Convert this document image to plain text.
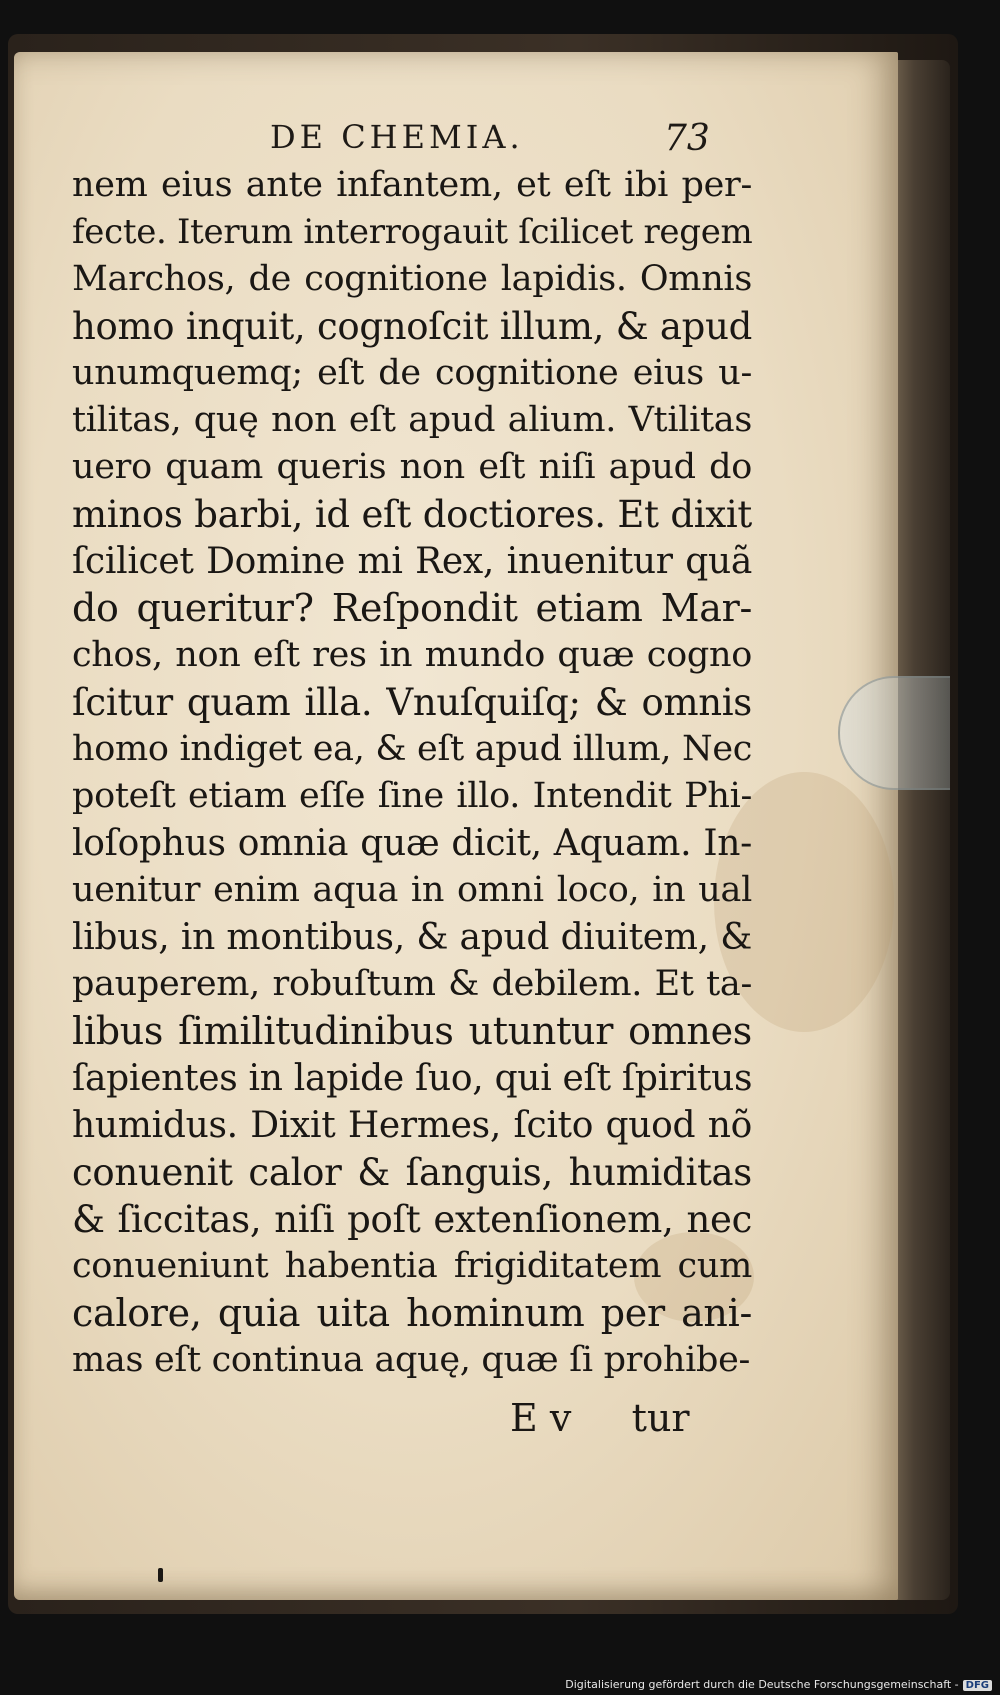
DE CHEMIA.	73
nem eius ante infantem, et eſt ibi per-
fecte. Iterum interrogauit ſcilicet regem
Marchos, de cognitione lapidis. Omnis
homo inquit, cognoſcit illum, & apud
unumquemq; eſt de cognitione eius u-
tilitas, quę non eſt apud alium. Vtilitas
uero quam queris non eſt niſi apud do
minos barbi, id eſt doctiores. Et dixit
ſcilicet Domine mi Rex, inuenitur quã
do queritur? Reſpondit etiam Mar-
chos, non eſt res in mundo quæ cogno
ſcitur quam illa. Vnuſquiſq; & omnis
homo indiget ea, & eſt apud illum, Nec
poteſt etiam eſſe ſine illo. Intendit Phi-
loſophus omnia quæ dicit, Aquam. In-
uenitur enim aqua in omni loco, in ual
libus, in montibus, & apud diuitem, &
pauperem, robuſtum & debilem. Et ta-
libus ſimilitudinibus utuntur omnes
ſapientes in lapide ſuo, qui eſt ſpiritus
humidus. Dixit Hermes, ſcito quod nõ
conuenit calor & ſanguis, humiditas
& ſiccitas, niſi poſt extenſionem, nec
conueniunt habentia frigiditatem cum
calore, quia uita hominum per ani-
mas eſt continua aquę, quæ ſi prohibe-
E v     tur
Digitalisierung gefördert durch die Deutsche Forschungsgemeinschaft - DFG
